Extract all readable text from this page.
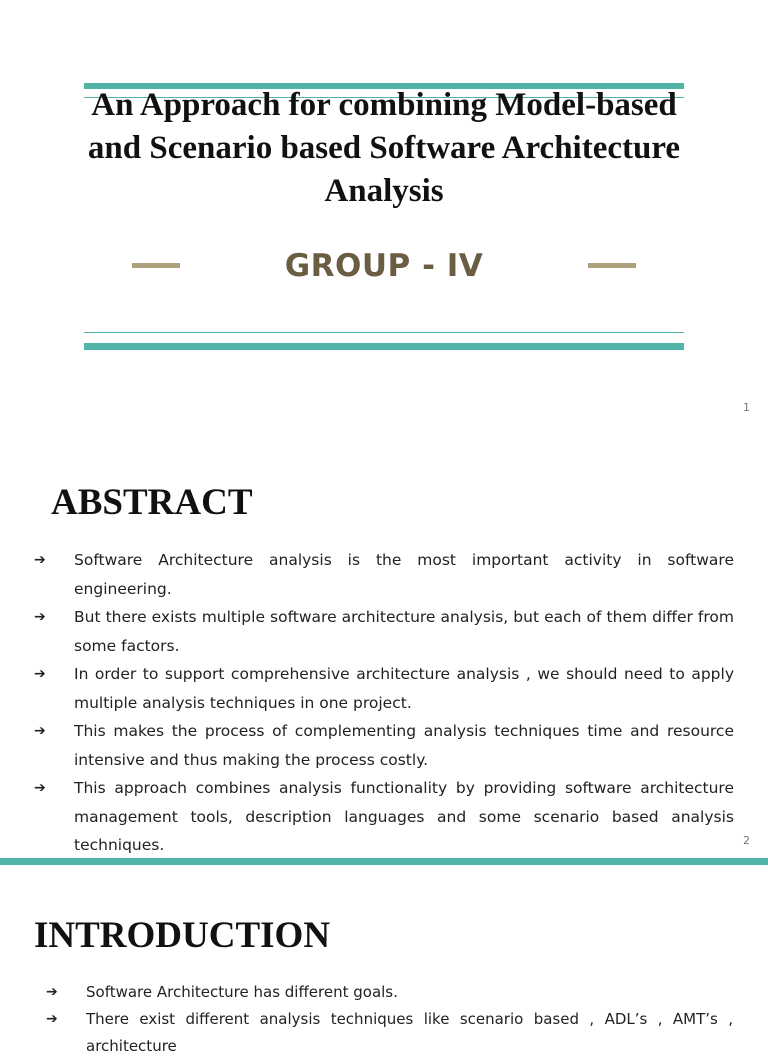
An Approach for combining Model-based and Scenario based Software Architecture Analysis
GROUP - IV
1
ABSTRACT
➔ Software Architecture analysis is the most important activity in software engineering.
➔ But there exists multiple software architecture analysis, but each of them differ from some factors.
➔ In order to support comprehensive architecture analysis , we should need to apply multiple analysis techniques in one project.
➔ This makes the process of complementing analysis techniques time and resource intensive and thus making the process costly.
➔ This approach combines analysis functionality by providing software architecture management tools, description languages and some scenario based analysis techniques.	2
INTRODUCTION
➔ Software Architecture has different goals.
➔ There exist different analysis techniques like scenario based , ADL’s , AMT’s , architecture
